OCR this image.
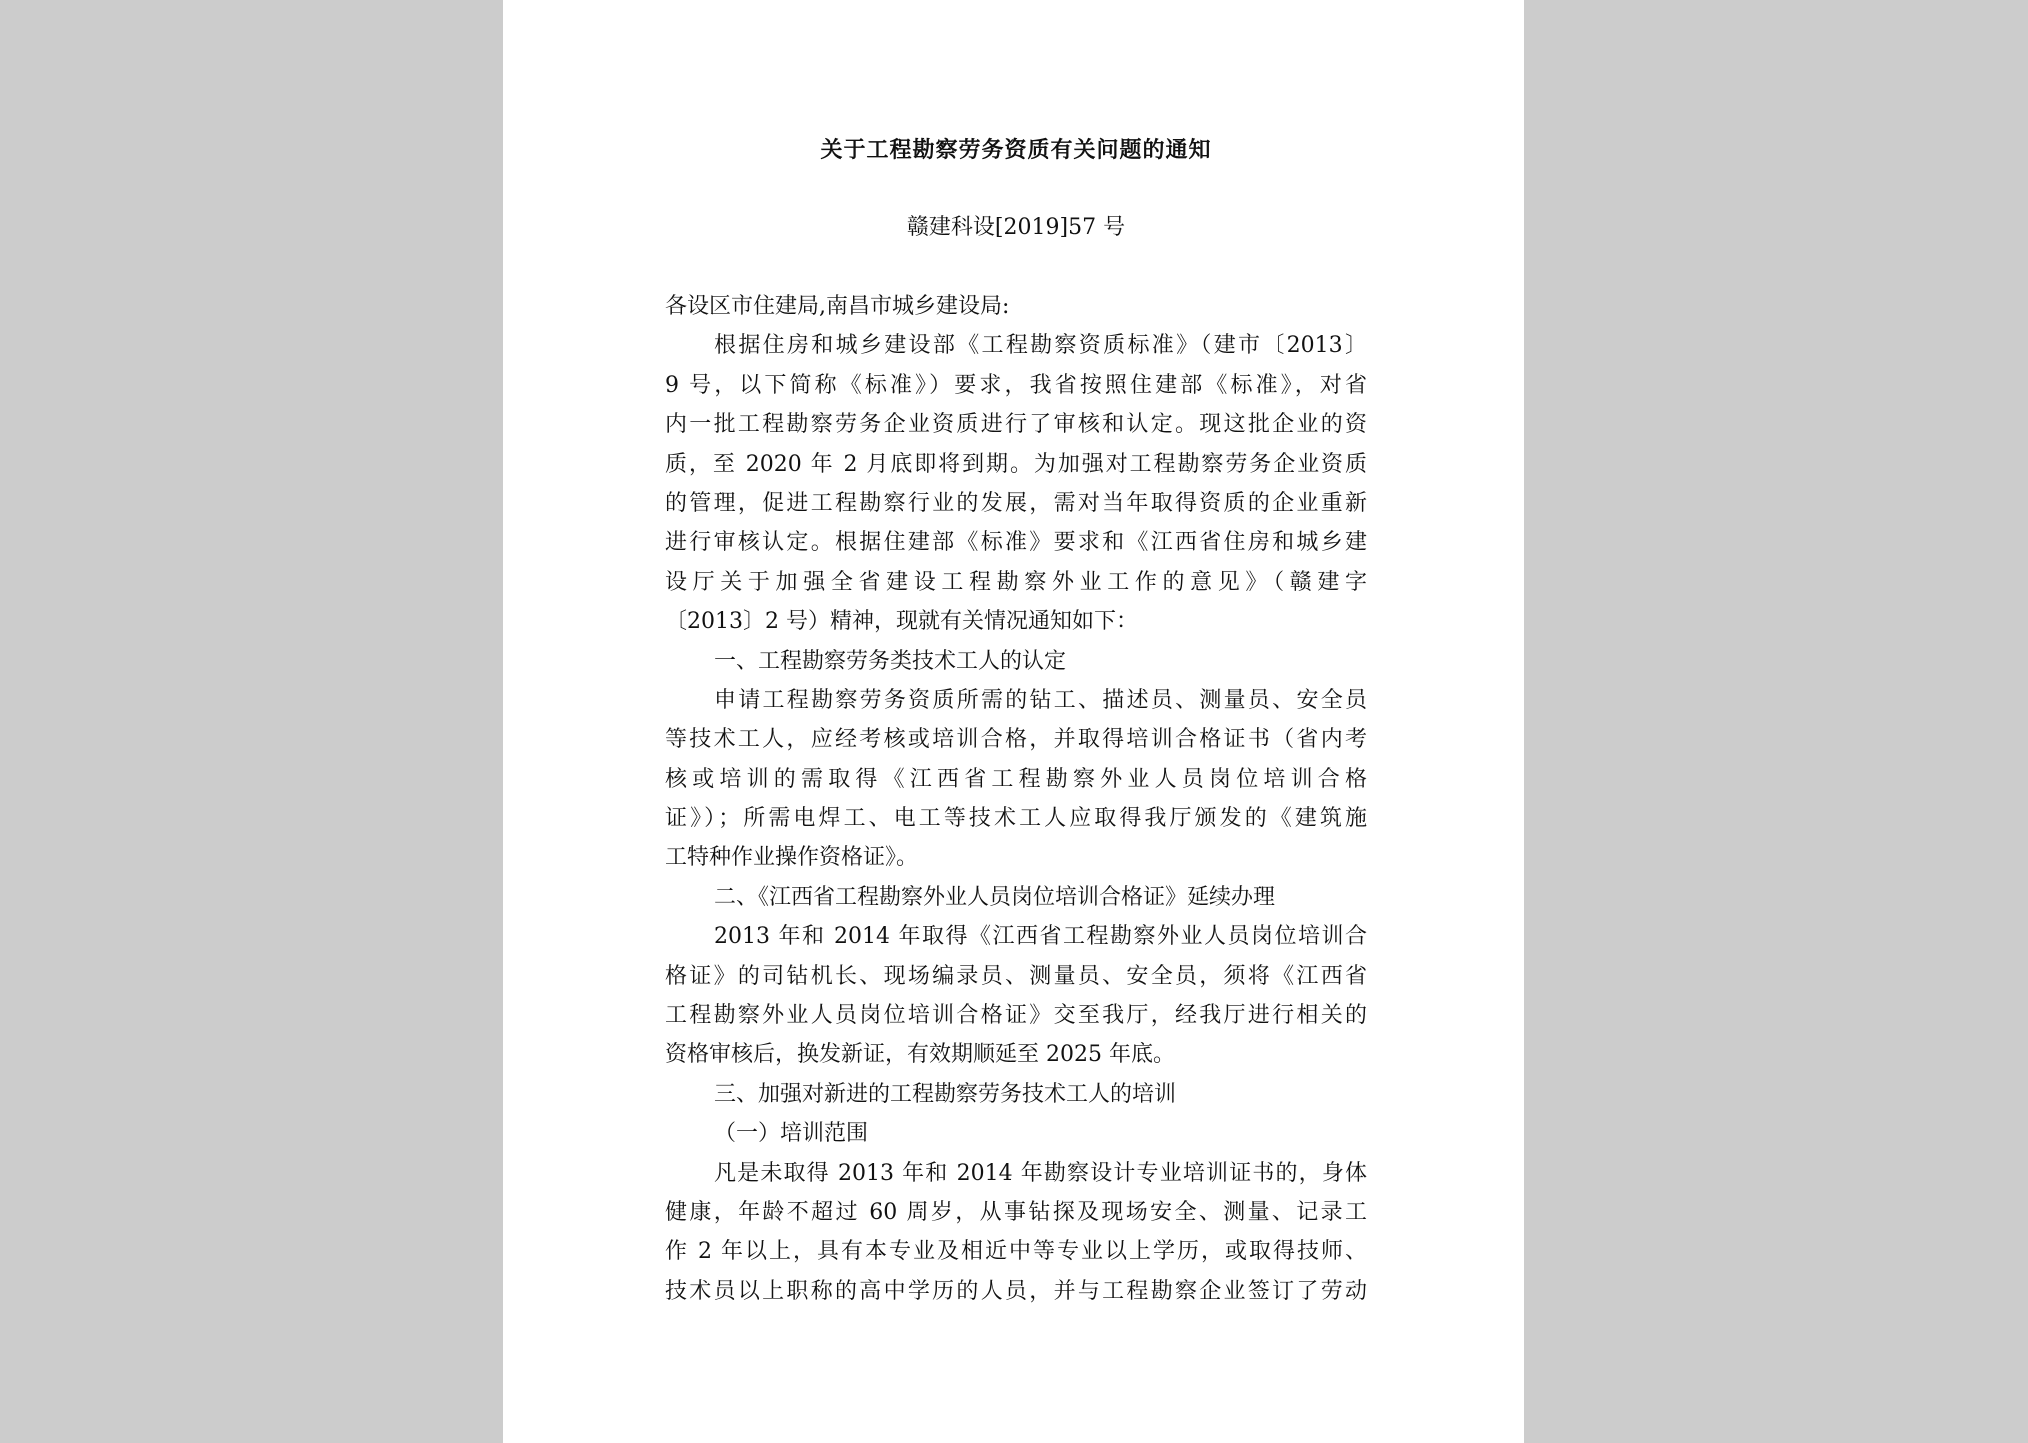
关于工程勘察劳务资质有关问题的通知
赣建科设[2019]57 号
各设区市住建局,南昌市城乡建设局:
根据住房和城乡建设部《工程勘察资质标准》（建市〔2013〕
9 号，以下简称《标准》）要求，我省按照住建部《标准》，对省
内一批工程勘察劳务企业资质进行了审核和认定。现这批企业的资
质，至 2020 年 2 月底即将到期。为加强对工程勘察劳务企业资质
的管理，促进工程勘察行业的发展，需对当年取得资质的企业重新
进行审核认定。根据住建部《标准》要求和《江西省住房和城乡建
设厅关于加强全省建设工程勘察外业工作的意见》（赣建字
〔2013〕2 号）精神，现就有关情况通知如下：
一、工程勘察劳务类技术工人的认定
申请工程勘察劳务资质所需的钻工、描述员、测量员、安全员
等技术工人，应经考核或培训合格，并取得培训合格证书（省内考
核或培训的需取得《江西省工程勘察外业人员岗位培训合格
证》）；所需电焊工、电工等技术工人应取得我厅颁发的《建筑施
工特种作业操作资格证》。
二、《江西省工程勘察外业人员岗位培训合格证》延续办理
2013 年和 2014 年取得《江西省工程勘察外业人员岗位培训合
格证》的司钻机长、现场编录员、测量员、安全员，须将《江西省
工程勘察外业人员岗位培训合格证》交至我厅，经我厅进行相关的
资格审核后，换发新证，有效期顺延至 2025 年底。
三、加强对新进的工程勘察劳务技术工人的培训
（一）培训范围
凡是未取得 2013 年和 2014 年勘察设计专业培训证书的，身体
健康，年龄不超过 60 周岁，从事钻探及现场安全、测量、记录工
作 2 年以上，具有本专业及相近中等专业以上学历，或取得技师、
技术员以上职称的高中学历的人员，并与工程勘察企业签订了劳动
